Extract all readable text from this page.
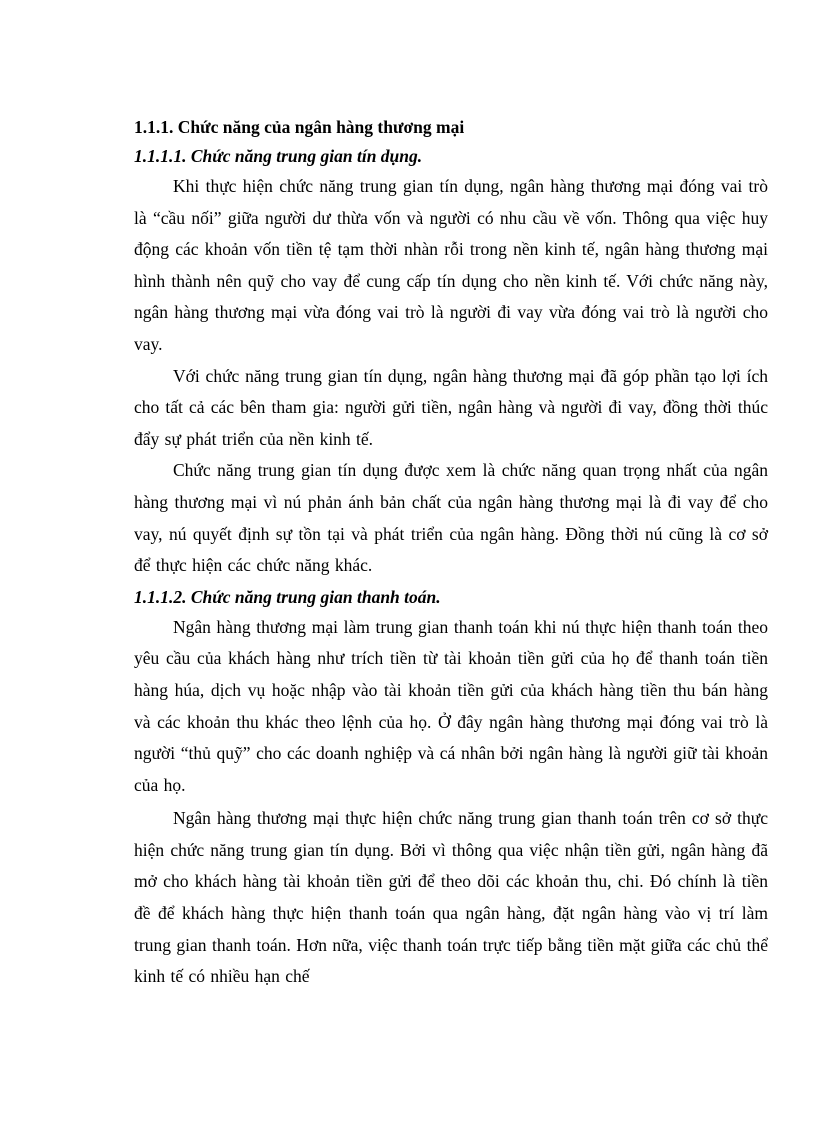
1.1.1. Chức năng của ngân hàng thương mại

1.1.1.1. Chức năng trung gian tín dụng.

Khi thực hiện chức năng trung gian tín dụng, ngân hàng thương mại đóng vai trò là “cầu nối” giữa người dư thừa vốn và người có nhu cầu về vốn. Thông qua việc huy động các khoản vốn tiền tệ tạm thời nhàn rỗi trong nền kinh tế, ngân hàng thương mại hình thành nên quỹ cho vay để cung cấp tín dụng cho nền kinh tế. Với chức năng này, ngân hàng thương mại vừa đóng vai trò là người đi vay vừa đóng vai trò là người cho vay.

Với chức năng trung gian tín dụng, ngân hàng thương mại đã góp phần tạo lợi ích cho tất cả các bên tham gia: người gửi tiền, ngân hàng và người đi vay, đồng thời thúc đẩy sự phát triển của nền kinh tế.

Chức năng trung gian tín dụng được xem là chức năng quan trọng nhất của ngân hàng thương mại vì nú phản ánh bản chất của ngân hàng thương mại là đi vay để cho vay, nú quyết định sự tồn tại và phát triển của ngân hàng. Đồng thời nú cũng là cơ sở để thực hiện các chức năng khác.

1.1.1.2. Chức năng trung gian thanh toán.

Ngân hàng thương mại làm trung gian thanh toán khi nú thực hiện thanh toán theo yêu cầu của khách hàng như trích tiền từ tài khoản tiền gửi của họ để thanh toán tiền hàng húa, dịch vụ hoặc nhập vào tài khoản tiền gửi của khách hàng tiền thu bán hàng và các khoản thu khác theo lệnh của họ. Ở đây ngân hàng thương mại đóng vai trò là người “thủ quỹ” cho các doanh nghiệp và cá nhân bởi ngân hàng là người giữ tài khoản của họ.

Ngân hàng thương mại thực hiện chức năng trung gian thanh toán trên cơ sở thực hiện chức năng trung gian tín dụng. Bởi vì thông qua việc nhận tiền gửi, ngân hàng đã mở cho khách hàng tài khoản tiền gửi để theo dõi các khoản thu, chi. Đó chính là tiền đề để khách hàng thực hiện thanh toán qua ngân hàng, đặt ngân hàng vào vị trí làm trung gian thanh toán. Hơn nữa, việc thanh toán trực tiếp bằng tiền mặt giữa các chủ thể kinh tế có nhiều hạn chế
